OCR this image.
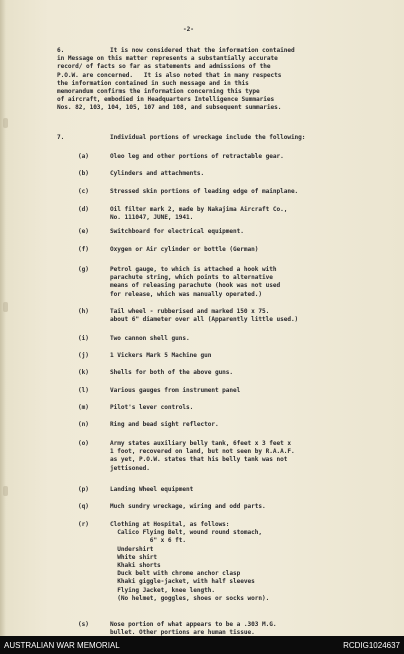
-2-
6.	It is now considered that the information contained
in Message on this matter represents a substantially accurate
record/ of facts so far as statements and admissions of the
P.O.W. are concerned.   It is also noted that in many respects
the information contained in such message and in this
memorandum confirms the information concerning this type
of aircraft, embodied in Headquarters Intelligence Summaries
Nos. 82, 103, 104, 105, 107 and 108, and subsequent summaries.
7.	Individual portions of wreckage include the following:
(a)	Oleo leg and other portions of retractable gear.
(b)	Cylinders and attachments.
(c)	Stressed skin portions of leading edge of mainplane.
(d)	Oil filter mark 2, made by Nakajima Aircraft Co.,
No. 111047, JUNE, 1941.
(e)	Switchboard for electrical equipment.
(f)	Oxygen or Air cylinder or bottle (German)
(g)	Petrol gauge, to which is attached a hook with
parachute string, which points to alternative
means of releasing parachute (hook was not used
for release, which was manually operated.)
(h)	Tail wheel - rubberised and marked 150 x 75.
about 6" diameter over all (Apparently little used.)
(i)	Two cannon shell guns.
(j)	1 Vickers Mark 5 Machine gun
(k)	Shells for both of the above guns.
(l)	Various gauges from instrument panel
(m)	Pilot's lever controls.
(n)	Ring and bead sight reflector.
(o)	Army states auxiliary belly tank, 6feet x 3 feet x
1 foot, recovered on land, but not seen by R.A.A.F.
as yet, P.O.W. states that his belly tank was not
jettisoned.
(p)	Landing Wheel equipment
(q)	Much sundry wreckage, wiring and odd parts.
(r)	Clothing at Hospital, as follows:
Calico Flying Belt, wound round stomach,
6" x 6 ft.
Undershirt
White shirt
Khaki shorts
Duck belt with chrome anchor clasp
Khaki giggle-jacket, with half sleeves
Flying Jacket, knee length.
(No helmet, goggles, shoes or socks worn).
(s)	Nose portion of what appears to be a .303 M.G.
bullet. Other portions are human tissue.
AUSTRALIAN WAR MEMORIAL	RCDIG1024637
